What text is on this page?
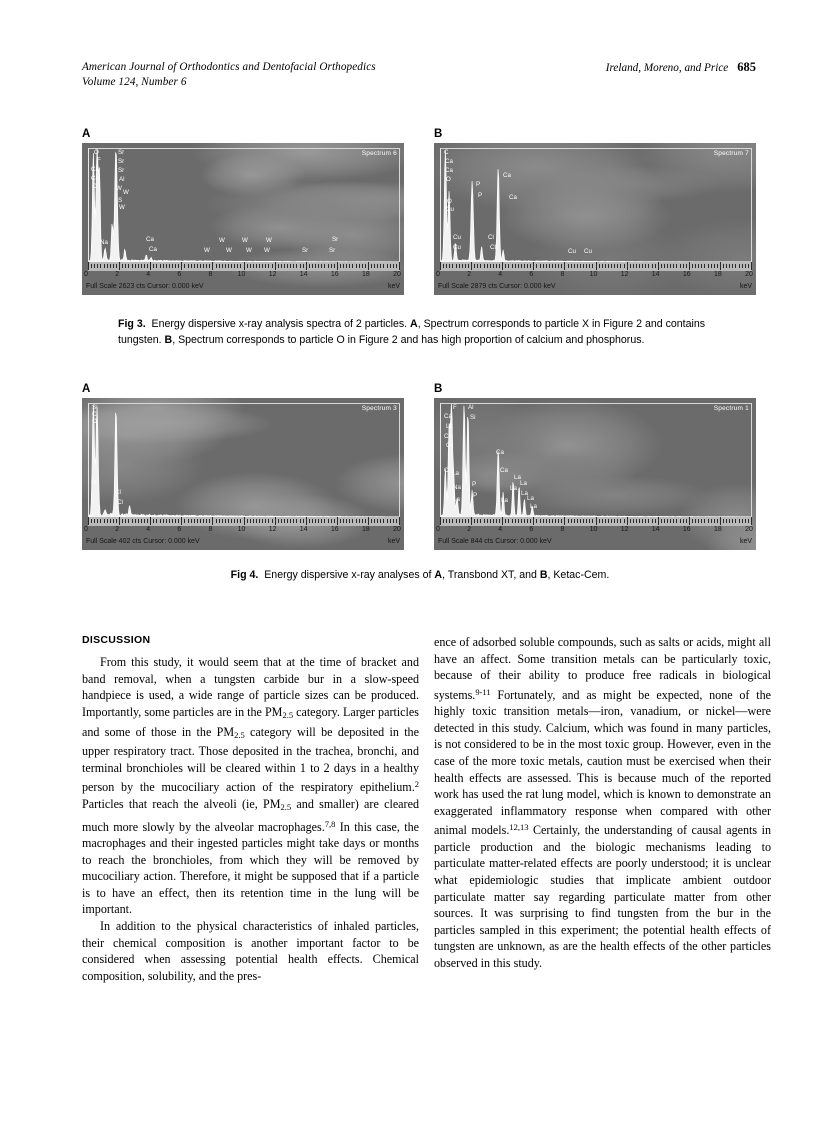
American Journal of Orthodontics and Dentofacial Orthopedics
Volume 124, Number 6
Ireland, Moreno, and Price 685
A
Spectrum 6
O
F
Ca
Ca
C
Na
Sr
Sr
Sr
Al
W
W
S
W
Ca
Ca	W
W
W
W
W
W
W	Sr
Sr
Sr
0	2	4	6	8	10	12	14	16	18	20
Full Scale 2623 cts Cursor: 0.000 keV	keV
B
Spectrum 7
C
Ca
Ca
O
O
Cu
Cu
Cu
P
P
Cl
Cl
Ca
Ca
Cu Cu
0	2	4	6	8	10	12	14	16	18	20
Full Scale 2879 cts Cursor: 0.000 keV	keV
Fig 3.  Energy dispersive x-ray analysis spectra of 2 particles. A, Spectrum corresponds to particle X in Figure 2 and contains tungsten. B, Spectrum corresponds to particle O in Figure 2 and has high proportion of calcium and phosphorus.
A
Spectrum 3
Si
C
O
O
Cl
Cl
0	2	4	6	8	10	12	14	16	18	20
Full Scale 402 cts Cursor: 0.000 keV	keV
B
Spectrum 1
F
Ca
La
Ca
O
C La
Na
La
Al
Si
P
P
Ca
Ca
La
La
La
La
La
La
La
0	2	4	6	8	10	12	14	16	18	20
Full Scale 844 cts Cursor: 0.000 keV	keV
Fig 4.  Energy dispersive x-ray analyses of A, Transbond XT, and B, Ketac-Cem.
DISCUSSION

From this study, it would seem that at the time of bracket and band removal, when a tungsten carbide bur in a slow-speed handpiece is used, a wide range of particle sizes can be produced. Importantly, some particles are in the $PM_{2.5}$ category. Larger particles and some of those in the $PM_{2.5}$ category will be deposited in the upper respiratory tract. Those deposited in the trachea, bronchi, and terminal bronchioles will be cleared within 1 to 2 days in a healthy person by the mucociliary action of the respiratory epithelium.$^2$ Particles that reach the alveoli (ie, $PM_{2.5}$ and smaller) are cleared much more slowly by the alveolar macrophages.$^{7,8}$ In this case, the macrophages and their ingested particles might take days or months to reach the bronchioles, from which they will be removed by mucociliary action. Therefore, it might be supposed that if a particle is to have an effect, then its retention time in the lung will be important.

In addition to the physical characteristics of inhaled particles, their chemical composition is another important factor to be considered when assessing potential health effects. Chemical composition, solubility, and the pres-

ence of adsorbed soluble compounds, such as salts or acids, might all have an affect. Some transition metals can be particularly toxic, because of their ability to produce free radicals in biological systems.$^{9-11}$ Fortunately, and as might be expected, none of the highly toxic transition metals—iron, vanadium, or nickel—were detected in this study. Calcium, which was found in many particles, is not considered to be in the most toxic group. However, even in the case of the more toxic metals, caution must be exercised when their health effects are assessed. This is because much of the reported work has used the rat lung model, which is known to demonstrate an exaggerated inflammatory response when compared with other animal models.$^{12,13}$ Certainly, the understanding of causal agents in particle production and the biologic mechanisms leading to particulate matter-related effects are poorly understood; it is unclear what epidemiologic studies that implicate ambient outdoor particulate matter say regarding particulate matter from other sources. It was surprising to find tungsten from the bur in the particles sampled in this experiment; the potential health effects of tungsten are unknown, as are the health effects of the other particles observed in this study.
